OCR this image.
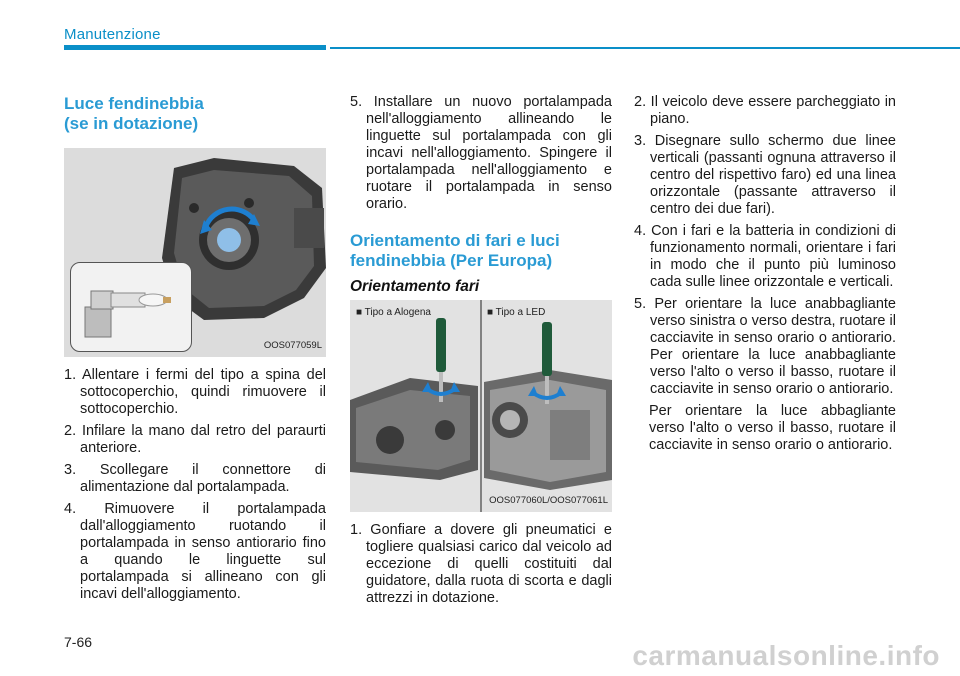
Manutenzione
Luce fendinebbia
(se in dotazione)
OOS077059L
1. Allentare i fermi del tipo a spina del sottocoperchio, quindi rimuovere il sottocoperchio.
2. Infilare la mano dal retro del paraurti anteriore.
3. Scollegare il connettore di alimentazione dal portalampada.
4. Rimuovere il portalampada dall'alloggiamento ruotando il portalampada in senso antiorario fino a quando le linguette sul portalampada si allineano con gli incavi dell'alloggiamento.
5. Installare un nuovo portalampada nell'alloggiamento allineando le linguette sul portalampada con gli incavi nell'alloggiamento. Spingere il portalampada nell'alloggiamento e ruotare il portalampada in senso orario.
Orientamento di fari e luci
fendinebbia (Per Europa)
Orientamento fari
■ Tipo a Alogena	■ Tipo a LED
OOS077060L/OOS077061L
1. Gonfiare a dovere gli pneumatici e togliere qualsiasi carico dal veicolo ad eccezione di quelli costituiti dal guidatore, dalla ruota di scorta e dagli attrezzi in dotazione.
2. Il veicolo deve essere parcheggiato in piano.
3. Disegnare sullo schermo due linee verticali (passanti ognuna attraverso il centro del rispettivo faro) ed una linea orizzontale (passante attraverso il centro dei due fari).
4. Con i fari e la batteria in condizioni di funzionamento normali, orientare i fari in modo che il punto più luminoso cada sulle linee orizzontale e verticali.
5. Per orientare la luce anabbagliante verso sinistra o verso destra, ruotare il cacciavite in senso orario o antiorario. Per orientare la luce anabbagliante verso l'alto o verso il basso, ruotare il cacciavite in senso orario o antiorario.
Per orientare la luce abbagliante verso l'alto o verso il basso, ruotare il cacciavite in senso orario o antiorario.
7-66	carmanualsonline.info
